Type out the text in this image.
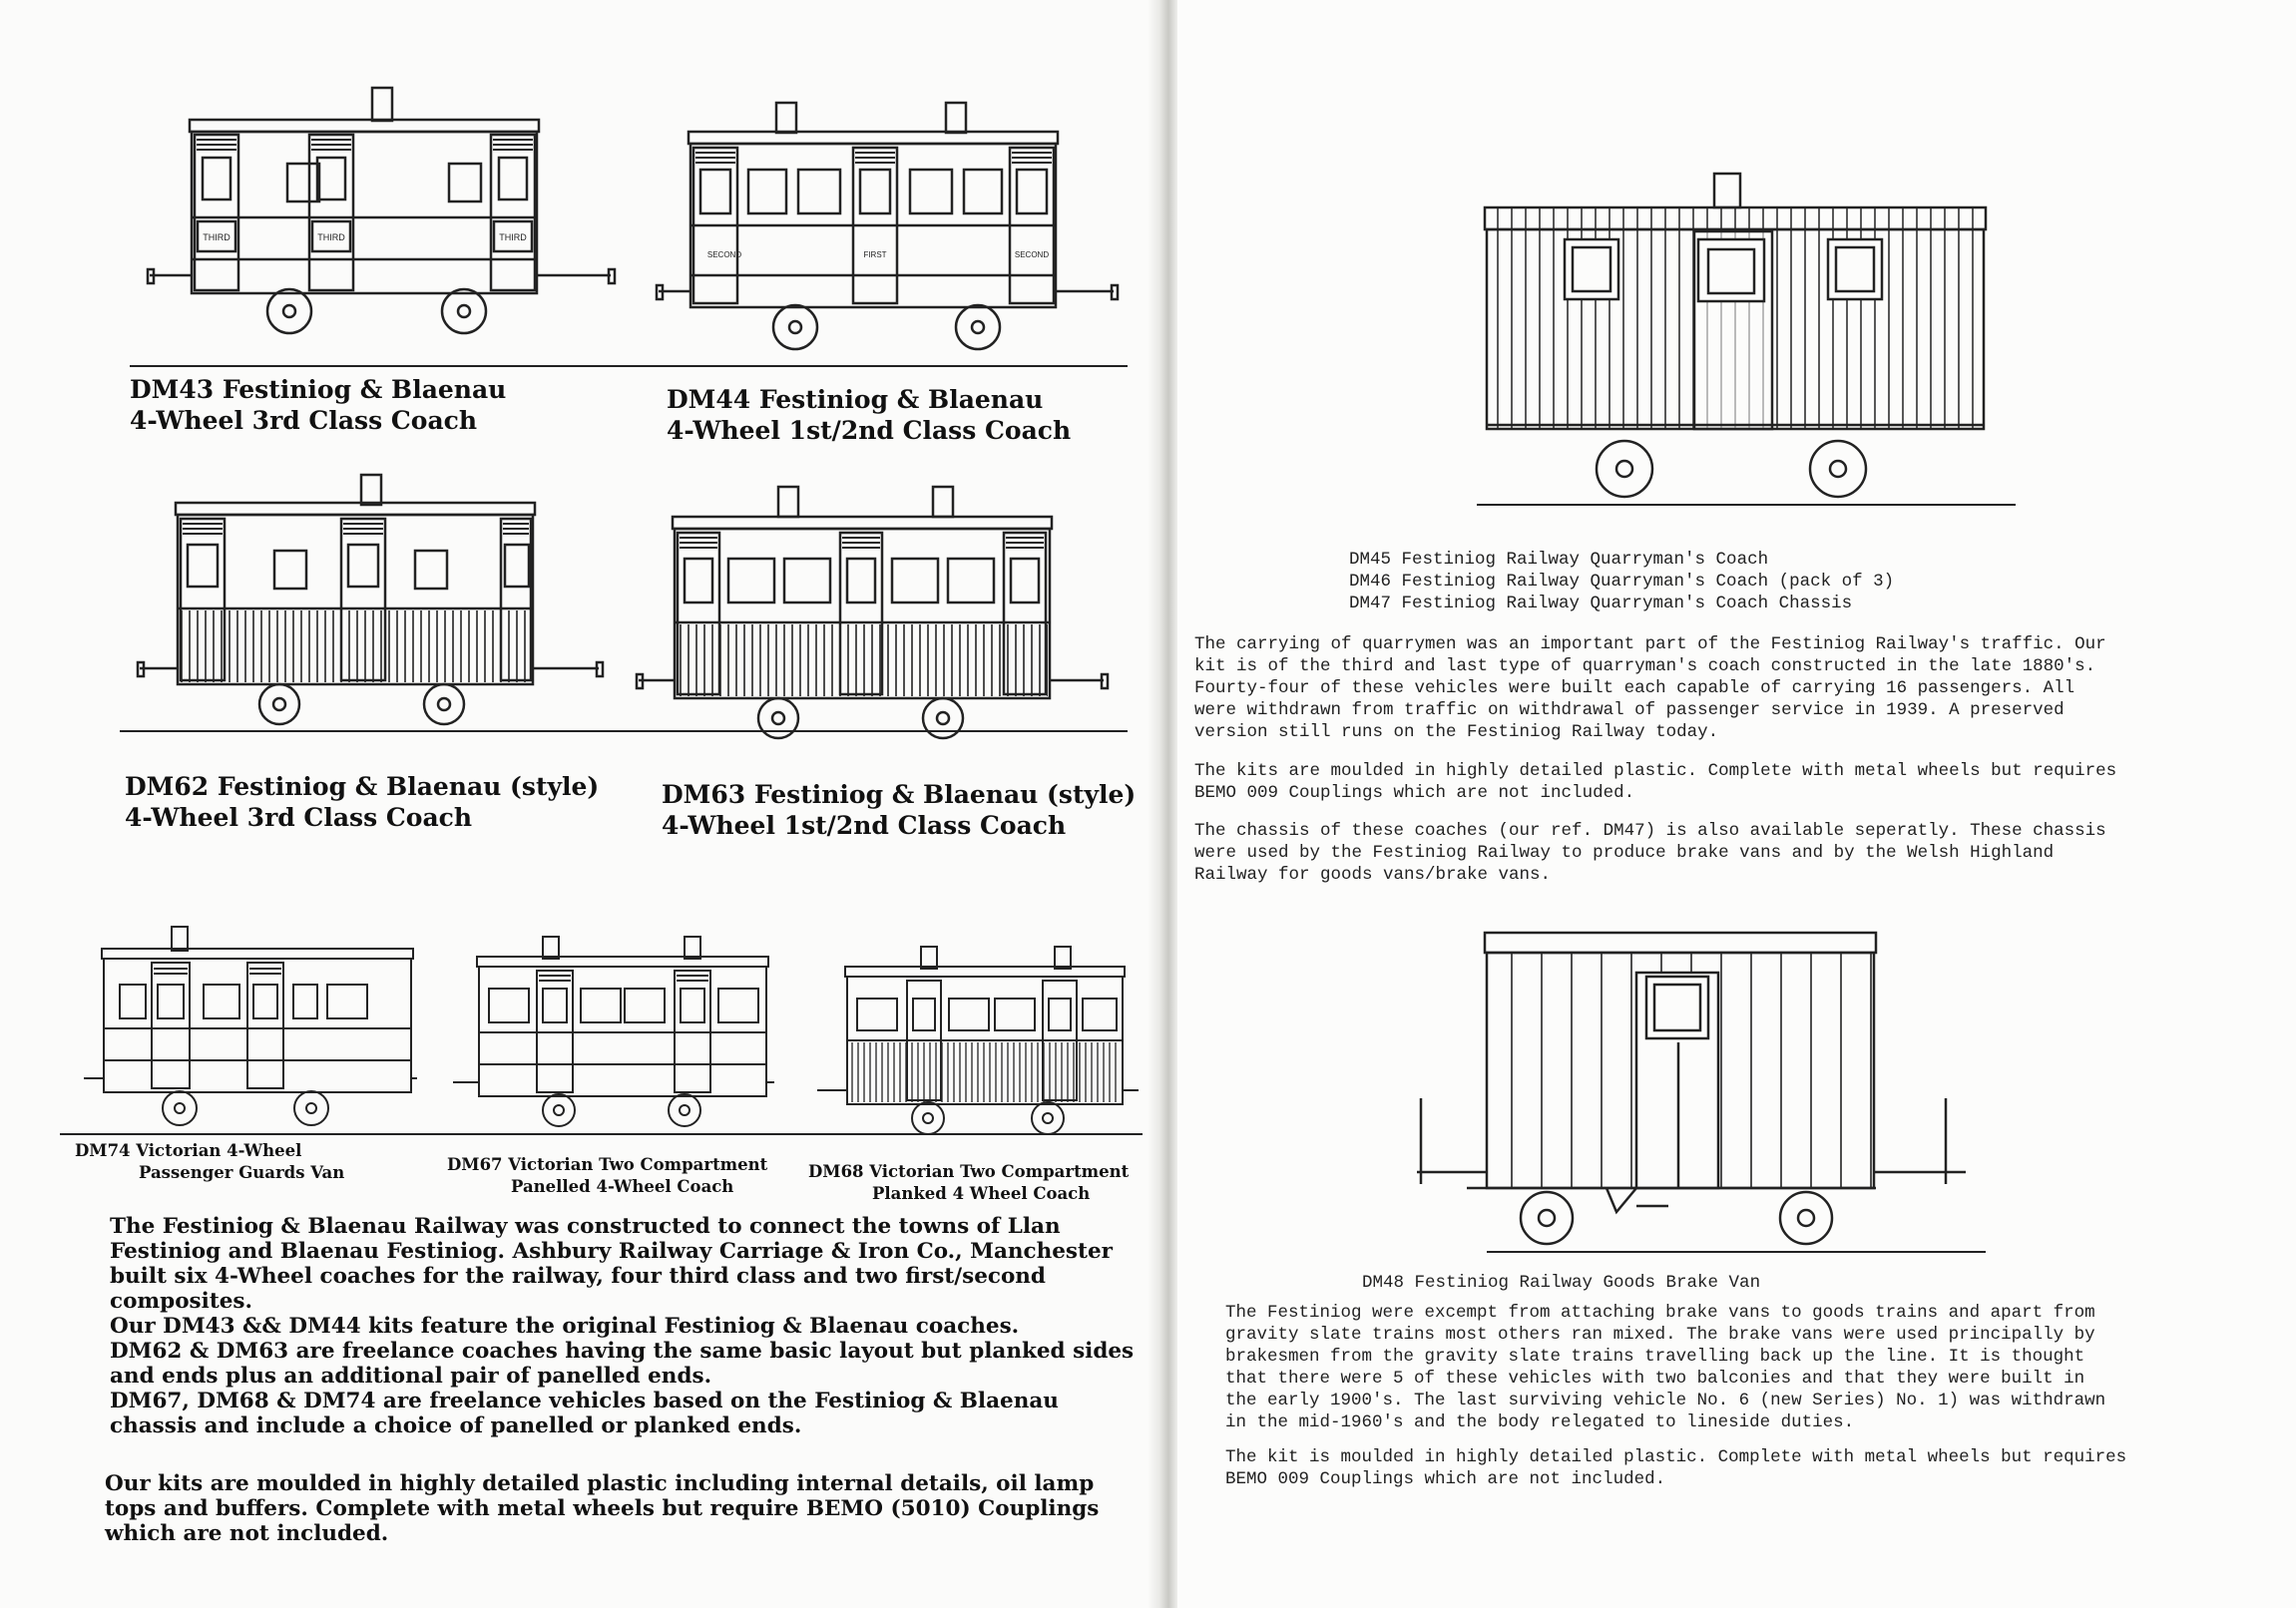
THIRD	THIRD	THIRD
SECOND	FIRST	SECOND
DM43 Festiniog & Blaenau
4-Wheel 3rd Class Coach
DM44 Festiniog & Blaenau
4-Wheel 1st/2nd Class Coach
DM62 Festiniog & Blaenau (style)
4-Wheel 3rd Class Coach
DM63 Festiniog & Blaenau (style)
4-Wheel 1st/2nd Class Coach
DM74 Victorian 4-Wheel
Passenger Guards Van	DM67 Victorian Two Compartment
Panelled 4-Wheel Coach
DM68 Victorian Two Compartment
Planked 4 Wheel Coach
The Festiniog & Blaenau Railway was constructed to connect the towns of Llan
Festiniog and Blaenau Festiniog. Ashbury Railway Carriage & Iron Co., Manchester
built six 4-Wheel coaches for the railway, four third class and two first/second
composites.
Our DM43 && DM44 kits feature the original Festiniog & Blaenau coaches.
DM62 & DM63 are freelance coaches having the same basic layout but planked sides
and ends plus an additional pair of panelled ends.
DM67, DM68 & DM74 are freelance vehicles based on the Festiniog & Blaenau
chassis and include a choice of panelled or planked ends.
Our kits are moulded in highly detailed plastic including internal details, oil lamp
tops and buffers. Complete with metal wheels but require BEMO (5010) Couplings
which are not included.
DM45 Festiniog Railway Quarryman's Coach
DM46 Festiniog Railway Quarryman's Coach (pack of 3)
DM47 Festiniog Railway Quarryman's Coach Chassis
The carrying of quarrymen was an important part of the Festiniog Railway's traffic. Our
kit is of the third and last type of quarryman's coach constructed in the late 1880's.
Fourty-four of these vehicles were built each capable of carrying 16 passengers. All
were withdrawn from traffic on withdrawal of passenger service in 1939. A preserved
version still runs on the Festiniog Railway today.
The kits are moulded in highly detailed plastic. Complete with metal wheels but requires
BEMO 009 Couplings which are not included.
The chassis of these coaches (our ref. DM47) is also available seperatly. These chassis
were used by the Festiniog Railway to produce brake vans and by the Welsh Highland
Railway for goods vans/brake vans.
DM48 Festiniog Railway Goods Brake Van
The Festiniog were excempt from attaching brake vans to goods trains and apart from
gravity slate trains most others ran mixed. The brake vans were used principally by
brakesmen from the gravity slate trains travelling back up the line. It is thought
that there were 5 of these vehicles with two balconies and that they were built in
the early 1900's. The last surviving vehicle No. 6 (new Series) No. 1) was withdrawn
in the mid-1960's and the body relegated to lineside duties.
The kit is moulded in highly detailed plastic. Complete with metal wheels but requires
BEMO 009 Couplings which are not included.
